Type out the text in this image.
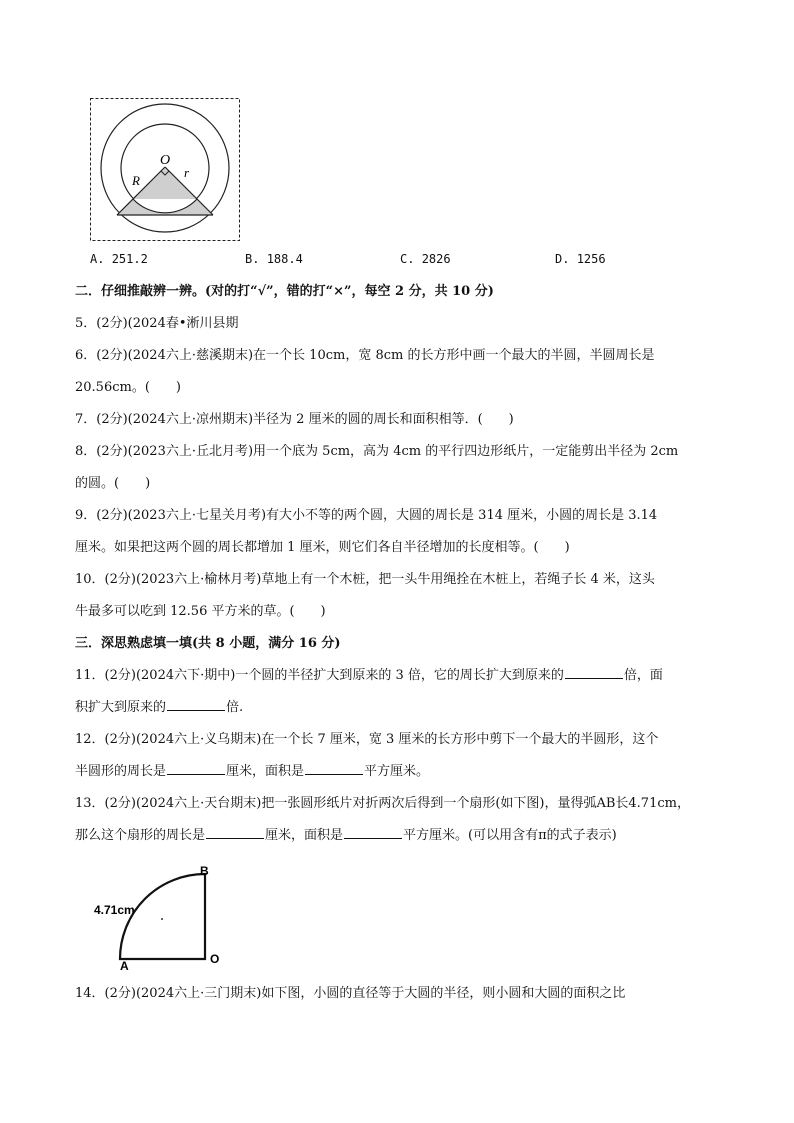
O
R
r
A. 251.2	B. 188.4	C. 2826	D. 1256
二．仔细推敲辨一辨。(对的打“√”，错的打“×”，每空 2 分，共 10 分)
5．(2分)(2024春•淅川县期
6．(2分)(2024六上·慈溪期末)在一个长 10cm，宽 8cm 的长方形中画一个最大的半圆，半圆周长是
20.56cm。(　　)
7．(2分)(2024六上·凉州期末)半径为 2 厘米的圆的周长和面积相等．(　　)
8．(2分)(2023六上·丘北月考)用一个底为 5cm，高为 4cm 的平行四边形纸片，一定能剪出半径为 2cm
的圆。(　　)
9．(2分)(2023六上·七星关月考)有大小不等的两个圆，大圆的周长是 314 厘米，小圆的周长是 3.14
厘米。如果把这两个圆的周长都增加 1 厘米，则它们各自半径增加的长度相等。(　　)
10．(2分)(2023六上·榆林月考)草地上有一个木桩，把一头牛用绳拴在木桩上，若绳子长 4 米，这头
牛最多可以吃到 12.56 平方米的草。(　　)
三．深思熟虑填一填(共 8 小题，满分 16 分)
11．(2分)(2024六下·期中)一个圆的半径扩大到原来的 3 倍，它的周长扩大到原来的	倍，面
积扩大到原来的	倍.
12．(2分)(2024六上·义乌期末)在一个长 7 厘米，宽 3 厘米的长方形中剪下一个最大的半圆形，这个
半圆形的周长是	厘米，面积是	平方厘米。
13．(2分)(2024六上·天台期末)把一张圆形纸片对折两次后得到一个扇形(如下图)，量得弧AB长4.71cm，
那么这个扇形的周长是	厘米，面积是	平方厘米。(可以用含有π的式子表示)
4.71cm
A
B
O
14．(2分)(2024六上·三门期末)如下图，小圆的直径等于大圆的半径，则小圆和大圆的面积之比
